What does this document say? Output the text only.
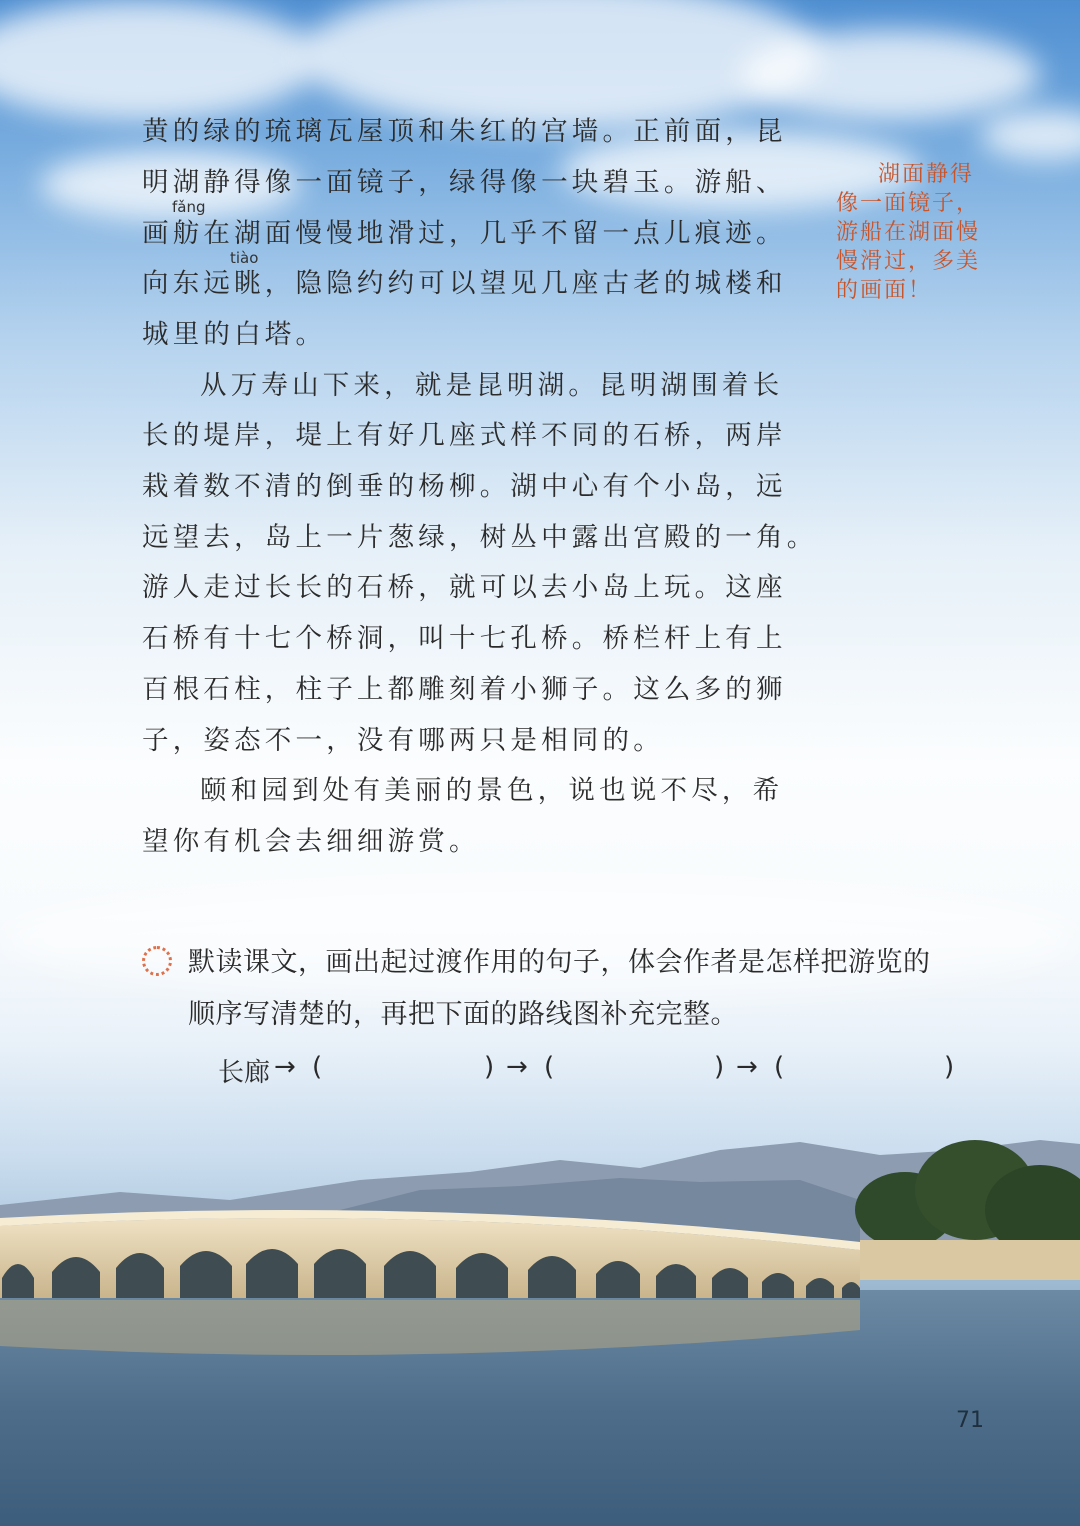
黄的绿的琉璃瓦屋顶和朱红的宫墙。正前面，昆
明湖静得像一面镜子，绿得像一块碧玉。游船、
fǎng
画舫在湖面慢慢地滑过，几乎不留一点儿痕迹。
tiào
向东远眺，隐隐约约可以望见几座古老的城楼和
城里的白塔。
从万寿山下来，就是昆明湖。昆明湖围着长
长的堤岸，堤上有好几座式样不同的石桥，两岸
栽着数不清的倒垂的杨柳。湖中心有个小岛，远
远望去，岛上一片葱绿，树丛中露出宫殿的一角。
游人走过长长的石桥，就可以去小岛上玩。这座
石桥有十七个桥洞，叫十七孔桥。桥栏杆上有上
百根石柱，柱子上都雕刻着小狮子。这么多的狮
子，姿态不一，没有哪两只是相同的。
颐和园到处有美丽的景色，说也说不尽，希
望你有机会去细细游赏。
湖面静得
像一面镜子，
游船在湖面慢
慢滑过，多美
的画面！
默读课文，画出起过渡作用的句子，体会作者是怎样把游览的
顺序写清楚的，再把下面的路线图补充完整。
长廊 → (	) → (	) → (	)
71
